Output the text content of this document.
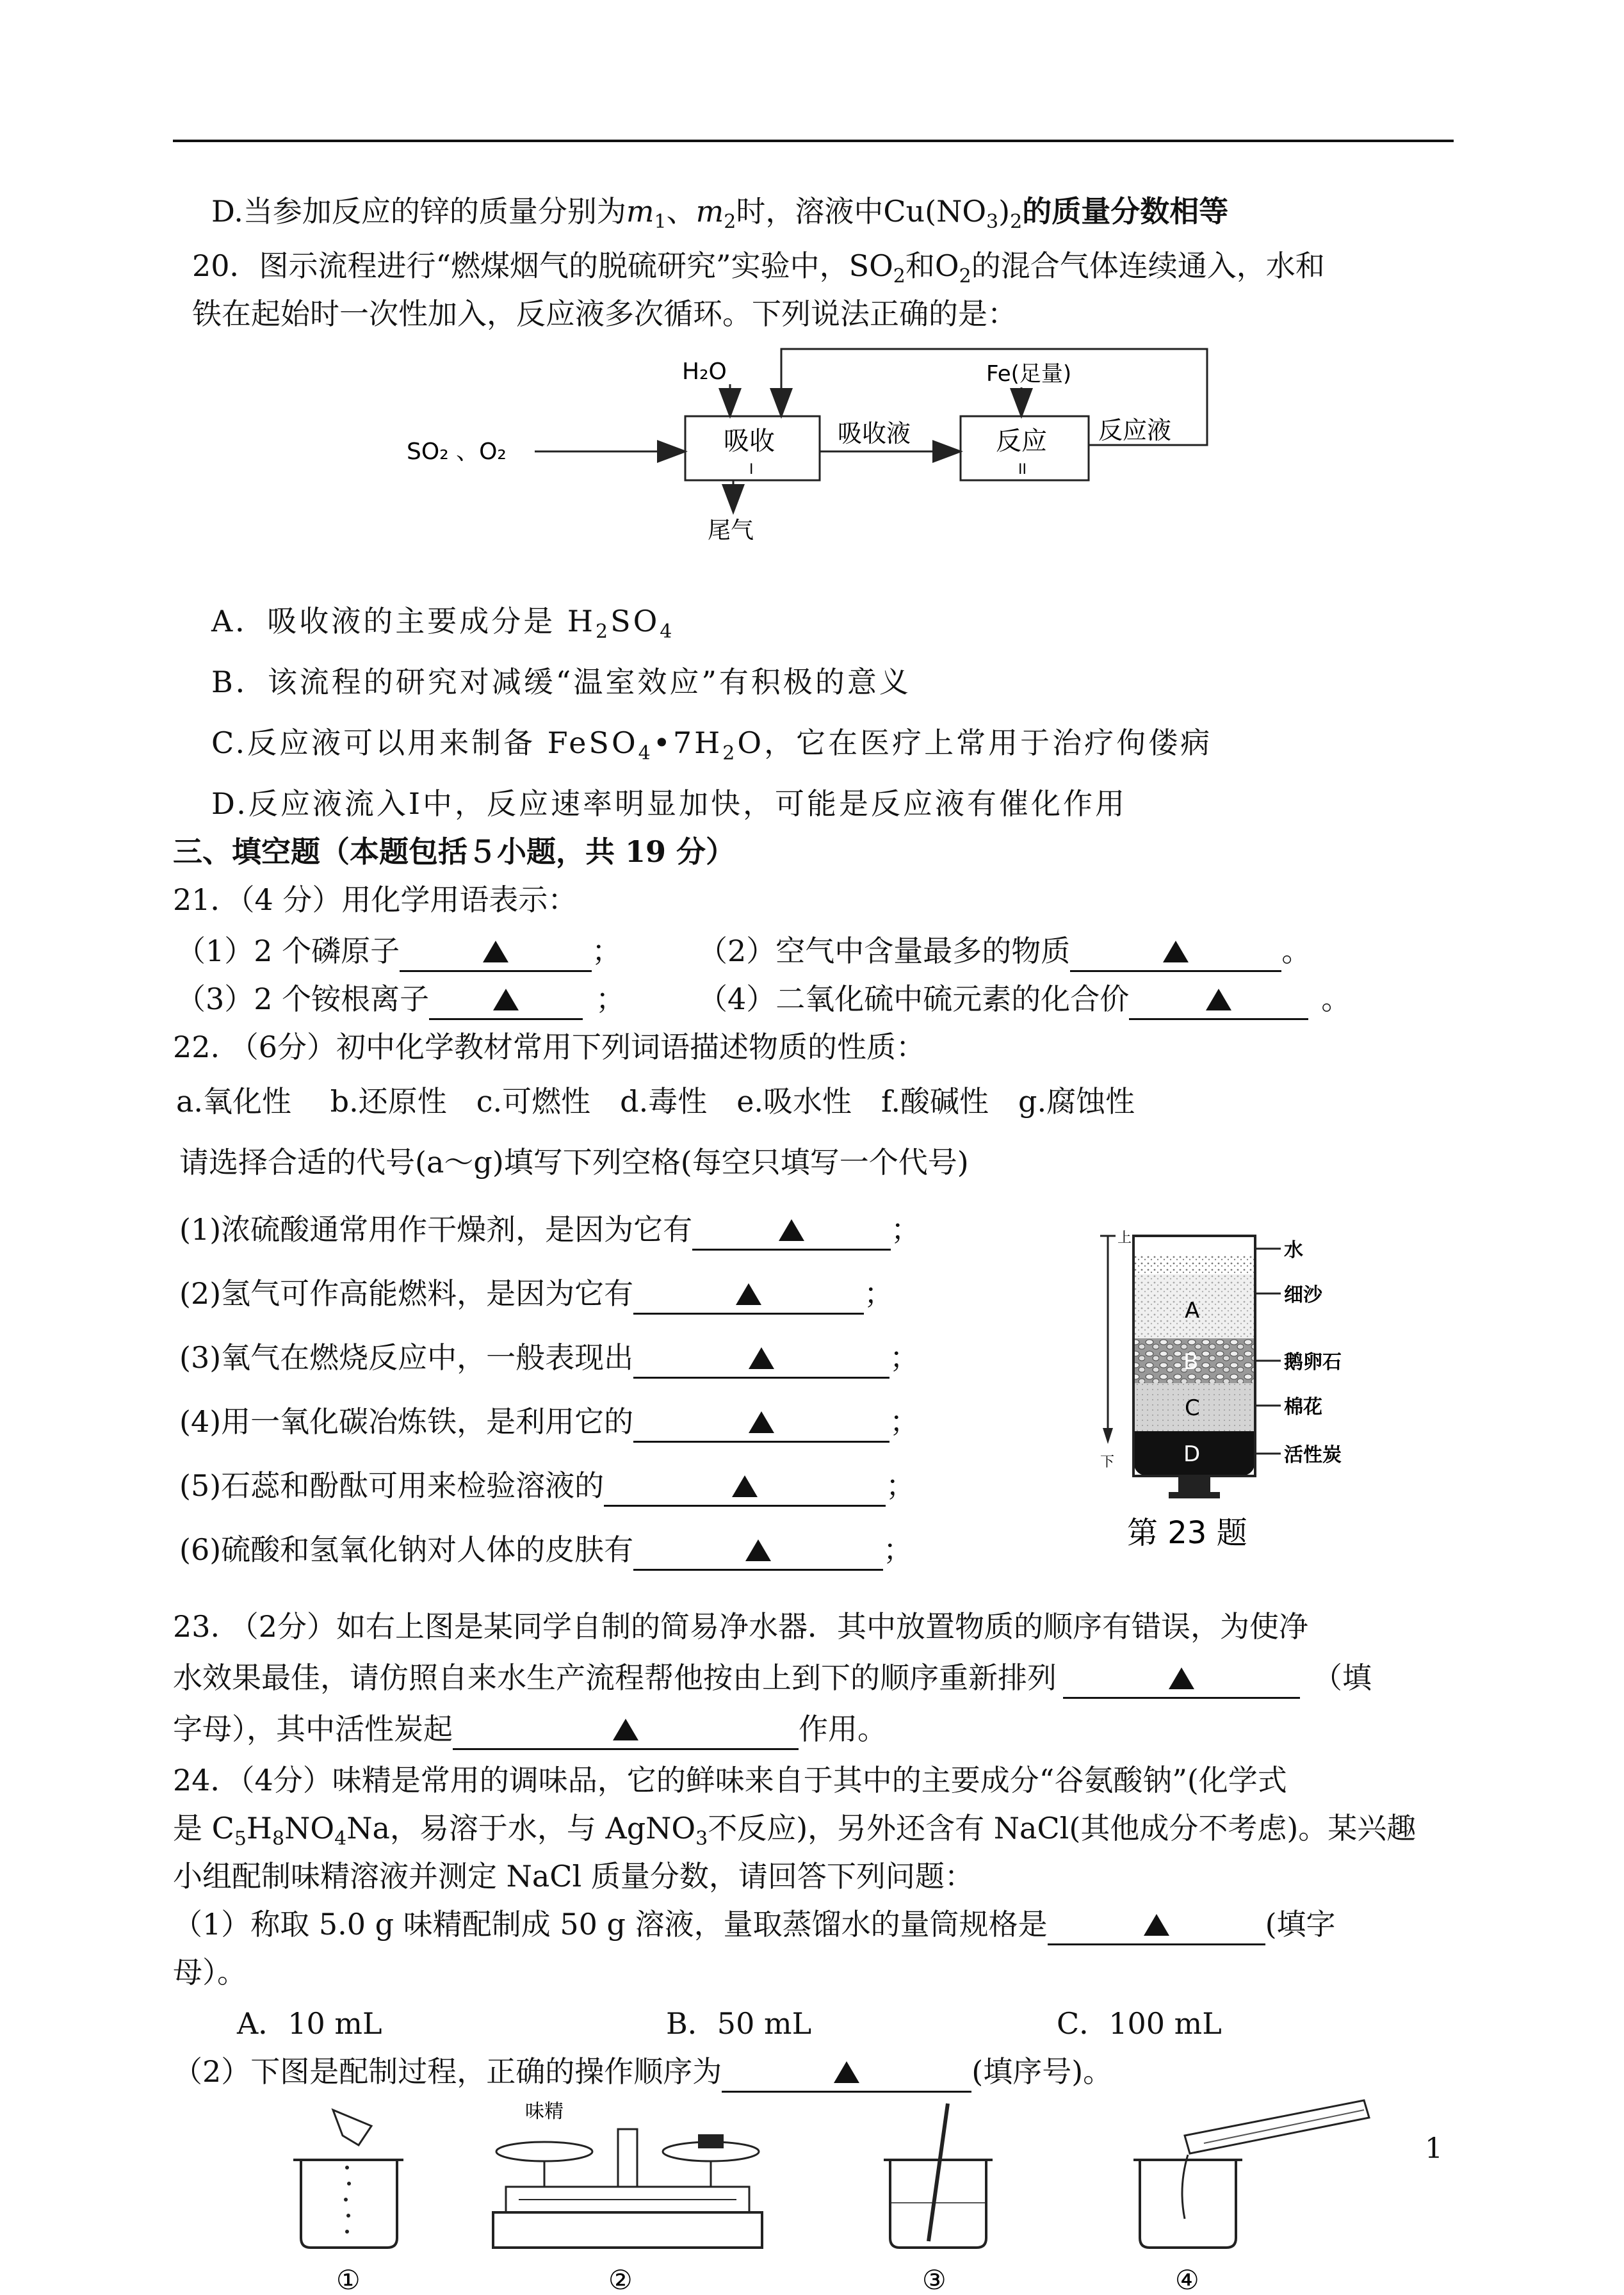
D.当参加反应的锌的质量分别为$m_1$、$m_2$时，溶液中$Cu(NO_3)_2$的质量分数相等
20．图示流程进行“燃煤烟气的脱硫研究”实验中，$SO_2$和$O_2$的混合气体连续通入，水和
铁在起始时一次性加入，反应液多次循环。下列说法正确的是：
H₂O	Fe(足量)
SO₂ 、O₂	吸收
I
反应
II
吸收液	反应液
尾气
A．吸收液的主要成分是 $H_2SO_4$
B．该流程的研究对减缓“温室效应”有积极的意义
C.反应液可以用来制备 $FeSO_4•7H_2O$，它在医疗上常用于治疗佝偻病
D.反应液流入Ⅰ中，反应速率明显加快，可能是反应液有催化作用
三、填空题（本题包括５小题，共 19 分）
21．（4 分）用化学用语表示：
（1）2 个磷原子	；	（2）空气中含量最多的物质	。
（3）2 个铵根离子	； （4）二氧化硫中硫元素的化合价	。
22. （6分）初中化学教材常用下列词语描述物质的性质：
a.氧化性　 b.还原性　c.可燃性　d.毒性　e.吸水性　f.酸碱性　g.腐蚀性
请选择合适的代号(a～g)填写下列空格(每空只填写一个代号)
(1)浓硫酸通常用作干燥剂，是因为它有	；
(2)氢气可作高能燃料，是因为它有	；
(3)氧气在燃烧反应中，一般表现出	；
(4)用一氧化碳冶炼铁，是利用它的	；
(5)石蕊和酚酞可用来检验溶液的	；
(6)硫酸和氢氧化钠对人体的皮肤有	；
上
下
A
B
C
D
水
细沙
鹅卵石
棉花
活性炭
第 23 题
23. （2分）如右上图是某同学自制的简易净水器．其中放置物质的顺序有错误，为使净
水效果最佳，请仿照自来水生产流程帮他按由上到下的顺序重新排列	（填
字母），其中活性炭起	作用。
24．（4分）味精是常用的调味品，它的鲜味来自于其中的主要成分“谷氨酸钠”(化学式
是 $C_5H_8NO_4Na$，易溶于水，与 AgNO$_3$不反应)，另外还含有 NaCl(其他成分不考虑)。某兴趣
小组配制味精溶液并测定 NaCl 质量分数，请回答下列问题：
（1）称取 5.0 g 味精配制成 50 g 溶液，量取蒸馏水的量筒规格是	(填字
母）。
A．10 mL	B．50 mL	C．100 mL
（2）下图是配制过程，正确的操作顺序为	(填序号)。
①
味精
②	③	④
1
